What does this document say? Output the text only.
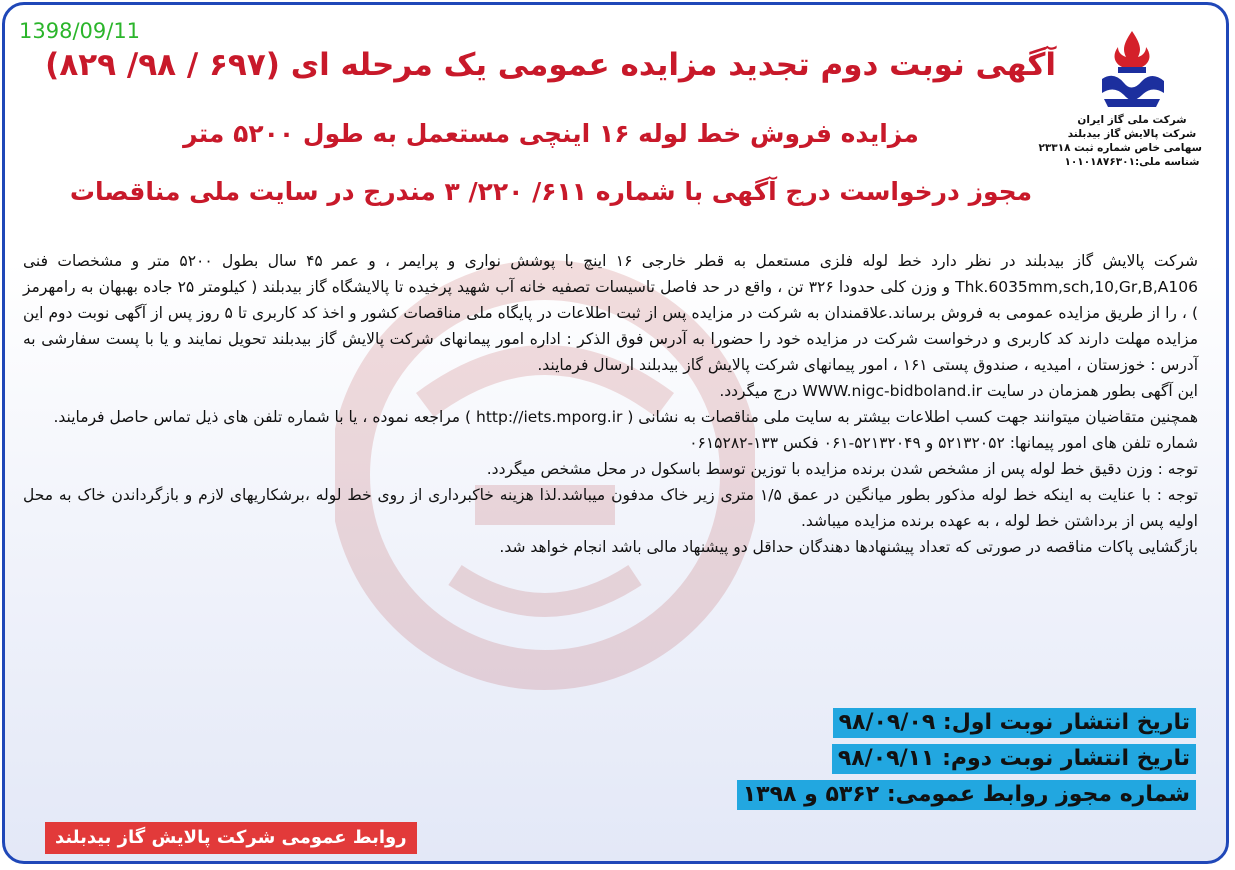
1398/09/11
شرکت ملی گاز ایران
شرکت پالایش گاز بیدبلند
سهامی خاص شماره ثبت ۲۳۳۱۸
شناسه ملی:۱۰۱۰۱۸۷۶۳۰۱
آگهی نوبت دوم تجدید مزایده عمومی یک مرحله ای (۶۹۷ / ۹۸/ ۸۲۹)
مزایده فروش خط لوله ۱۶ اینچی مستعمل به طول ۵۲۰۰ متر
مجوز درخواست درج آگهی با شماره ۶۱۱/ ۲۲۰/ ۳ مندرج در سایت ملی مناقصات

شرکت پالایش گاز بیدبلند در نظر دارد خط لوله فلزی مستعمل به قطر خارجی ۱۶ اینچ با پوشش نواری و پرایمر ، و عمر ۴۵ سال بطول ۵۲۰۰ متر و مشخصات فنی Thk.6035mm,sch,10,Gr,B,A106 و وزن کلی حدودا ۳۲۶ تن ، واقع در حد فاصل تاسیسات تصفیه خانه آب شهید پرخیده تا پالایشگاه گاز بیدبلند ( کیلومتر ۲۵ جاده بهبهان به رامهرمز ) ، را از طریق مزایده عمومی به فروش برساند.علاقمندان به شرکت در مزایده پس از ثبت اطلاعات در پایگاه ملی مناقصات کشور و اخذ کد کاربری تا ۵ روز پس از آگهی نوبت دوم این مزایده مهلت دارند کد کاربری و درخواست شرکت در مزایده خود را حضورا به آدرس فوق الذکر : اداره امور پیمانهای شرکت پالایش گاز بیدبلند تحویل نمایند و یا با پست سفارشی به آدرس : خوزستان ، امیدیه ، صندوق پستی ۱۶۱ ، امور پیمانهای شرکت پالایش گاز بیدبلند ارسال فرمایند.

این آگهی بطور همزمان در سایت WWW.nigc-bidboland.ir درج میگردد.

همچنین متقاضیان میتوانند جهت کسب اطلاعات بیشتر به سایت ملی مناقصات به نشانی ( http://iets.mporg.ir ) مراجعه نموده ، یا با شماره تلفن های ذیل تماس حاصل فرمایند.

شماره تلفن های امور پیمانها: ۵۲۱۳۲۰۵۲ و ۵۲۱۳۲۰۴۹-۰۶۱ فکس ۱۳۳-۰۶۱۵۲۸۲

توجه : وزن دقیق خط لوله پس از مشخص شدن برنده مزایده با توزین توسط باسکول در محل مشخص میگردد.

توجه : با عنایت به اینکه خط لوله مذکور بطور میانگین در عمق ۱/۵ متری زیر خاک مدفون میباشد.لذا هزینه خاکبرداری از روی خط لوله ،برشکاریهای لازم و بازگرداندن خاک به محل اولیه پس از برداشتن خط لوله ، به عهده برنده مزایده میباشد.

بازگشایی پاکات مناقصه در صورتی که تعداد پیشنهادها دهندگان حداقل دو پیشنهاد مالی باشد انجام خواهد شد.

تاریخ انتشار نوبت اول: ۹۸/۰۹/۰۹
تاریخ انتشار نوبت دوم: ۹۸/۰۹/۱۱
شماره مجوز روابط عمومی: ۵۳۶۲ و ۱۳۹۸
روابط عمومی شرکت پالایش گاز بیدبلند
